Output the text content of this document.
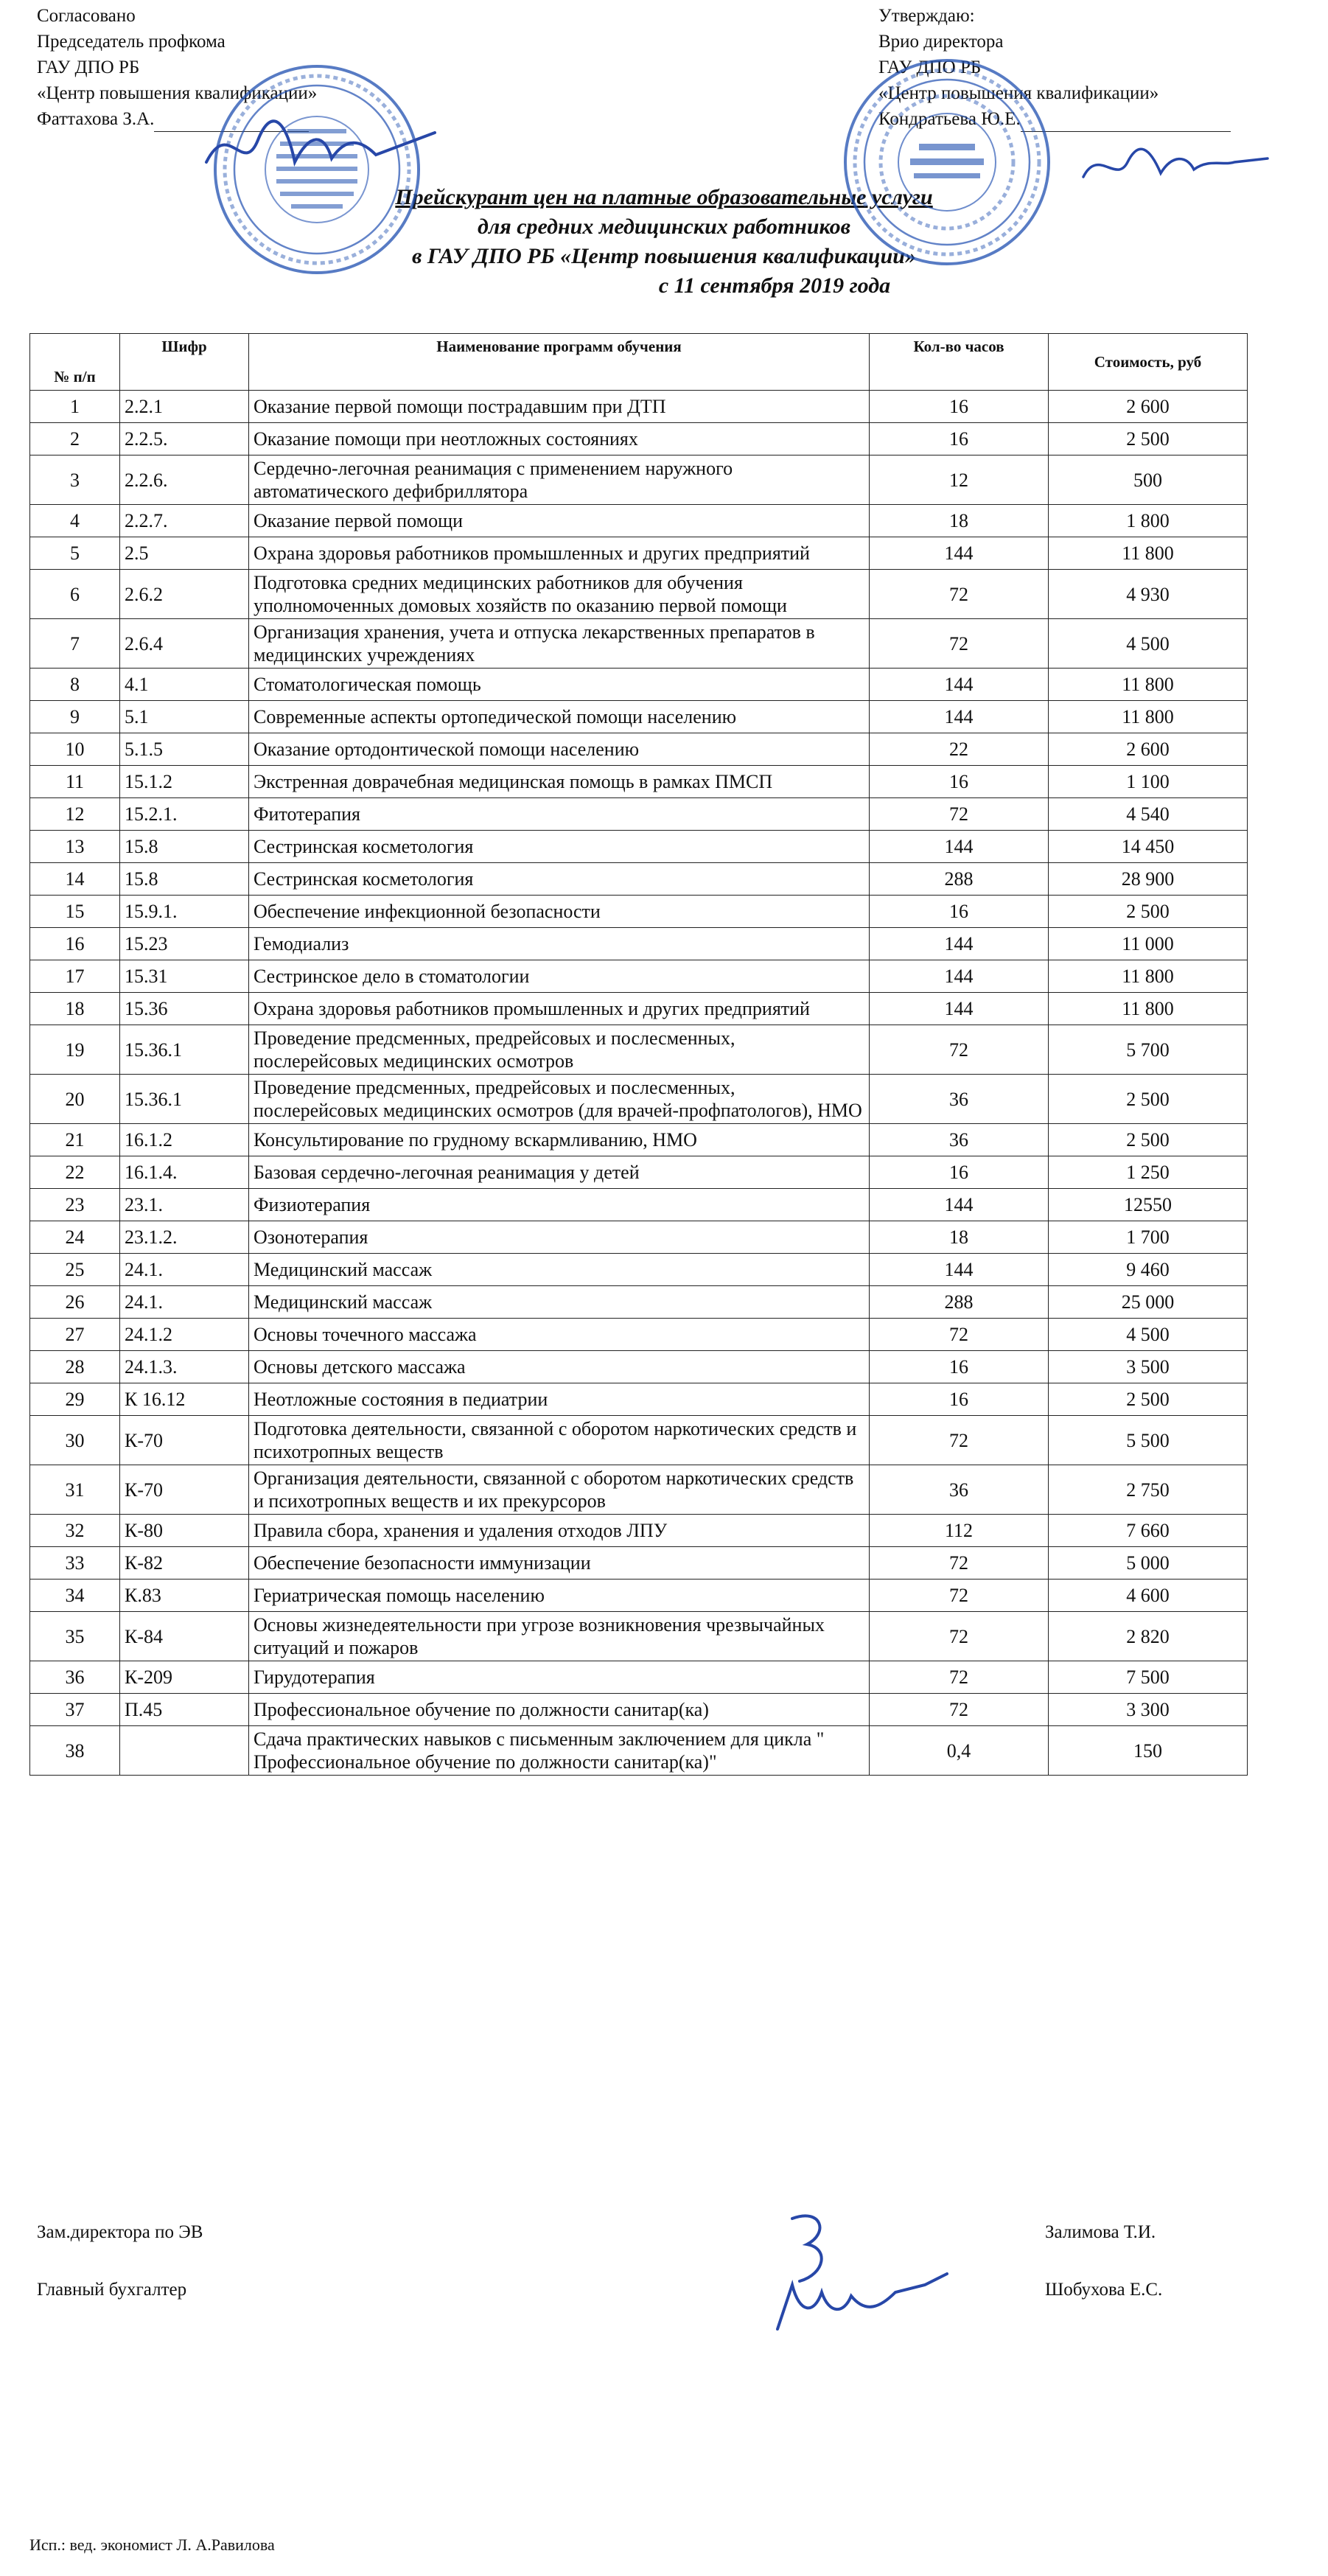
Согласовано
Председатель профкома
ГАУ ДПО РБ
«Центр повышения квалификации»
Фаттахова З.А.
Утверждаю:
Врио директора
ГАУ ДПО РБ
«Центр повышения квалификации»
Кондратьева Ю.Е.
Прейскурант цен на платные образовательные услуги
для средних медицинских работников
в ГАУ ДПО РБ «Центр повышения квалификации»
с 11 сентября 2019 года
№ п/п	Шифр	Наименование программ обучения	Кол-во часов	Стоимость, руб
1	2.2.1	Оказание первой помощи пострадавшим при ДТП	16	2 600
2	2.2.5.	Оказание помощи при неотложных состояниях	16	2 500
3	2.2.6.	Сердечно-легочная реанимация с применением наружного автоматического дефибриллятора	12	500
4	2.2.7.	Оказание первой помощи	18	1 800
5	2.5	Охрана здоровья работников промышленных и других предприятий	144	11 800
6	2.6.2	Подготовка средних медицинских работников для обучения уполномоченных домовых хозяйств по оказанию первой помощи	72	4 930
7	2.6.4	Организация хранения, учета и отпуска лекарственных препаратов в медицинских учреждениях	72	4 500
8	4.1	Стоматологическая помощь	144	11 800
9	5.1	Современные аспекты ортопедической помощи населению	144	11 800
10	5.1.5	Оказание ортодонтической помощи населению	22	2 600
11	15.1.2	Экстренная доврачебная медицинская помощь в рамках ПМСП	16	1 100
12	15.2.1.	Фитотерапия	72	4 540
13	15.8	Сестринская косметология	144	14 450
14	15.8	Сестринская косметология	288	28 900
15	15.9.1.	Обеспечение инфекционной безопасности	16	2 500
16	15.23	Гемодиализ	144	11 000
17	15.31	Сестринское дело в стоматологии	144	11 800
18	15.36	Охрана здоровья работников промышленных и других предприятий	144	11 800
19	15.36.1	Проведение предсменных, предрейсовых и послесменных, послерейсовых медицинских осмотров	72	5 700
20	15.36.1	Проведение предсменных, предрейсовых и послесменных, послерейсовых медицинских осмотров (для врачей-профпатологов), НМО	36	2 500
21	16.1.2	Консультирование по грудному вскармливанию, НМО	36	2 500
22	16.1.4.	Базовая сердечно-легочная реанимация у детей	16	1 250
23	23.1.	Физиотерапия	144	12550
24	23.1.2.	Озонотерапия	18	1 700
25	24.1.	Медицинский массаж	144	9 460
26	24.1.	Медицинский массаж	288	25 000
27	24.1.2	Основы точечного массажа	72	4 500
28	24.1.3.	Основы детского массажа	16	3 500
29	К 16.12	Неотложные состояния в педиатрии	16	2 500
30	К-70	Подготовка деятельности, связанной с оборотом наркотических средств и психотропных веществ	72	5 500
31	К-70	Организация деятельности, связанной с оборотом наркотических средств и психотропных веществ и их прекурсоров	36	2 750
32	К-80	Правила сбора, хранения и удаления отходов ЛПУ	112	7 660
33	К-82	Обеспечение безопасности иммунизации	72	5 000
34	К.83	Гериатрическая помощь населению	72	4 600
35	К-84	Основы жизнедеятельности при угрозе возникновения чрезвычайных ситуаций и пожаров	72	2 820
36	К-209	Гирудотерапия	72	7 500
37	П.45	Профессиональное обучение по должности санитар(ка)	72	3 300
38		Сдача практических навыков с письменным заключением для цикла " Профессиональное обучение по должности санитар(ка)"	0,4	150
Зам.директора по ЭВ	Залимова Т.И.
Главный бухгалтер	Шобухова Е.С.
Исп.: вед. экономист Л. А.Равилова
